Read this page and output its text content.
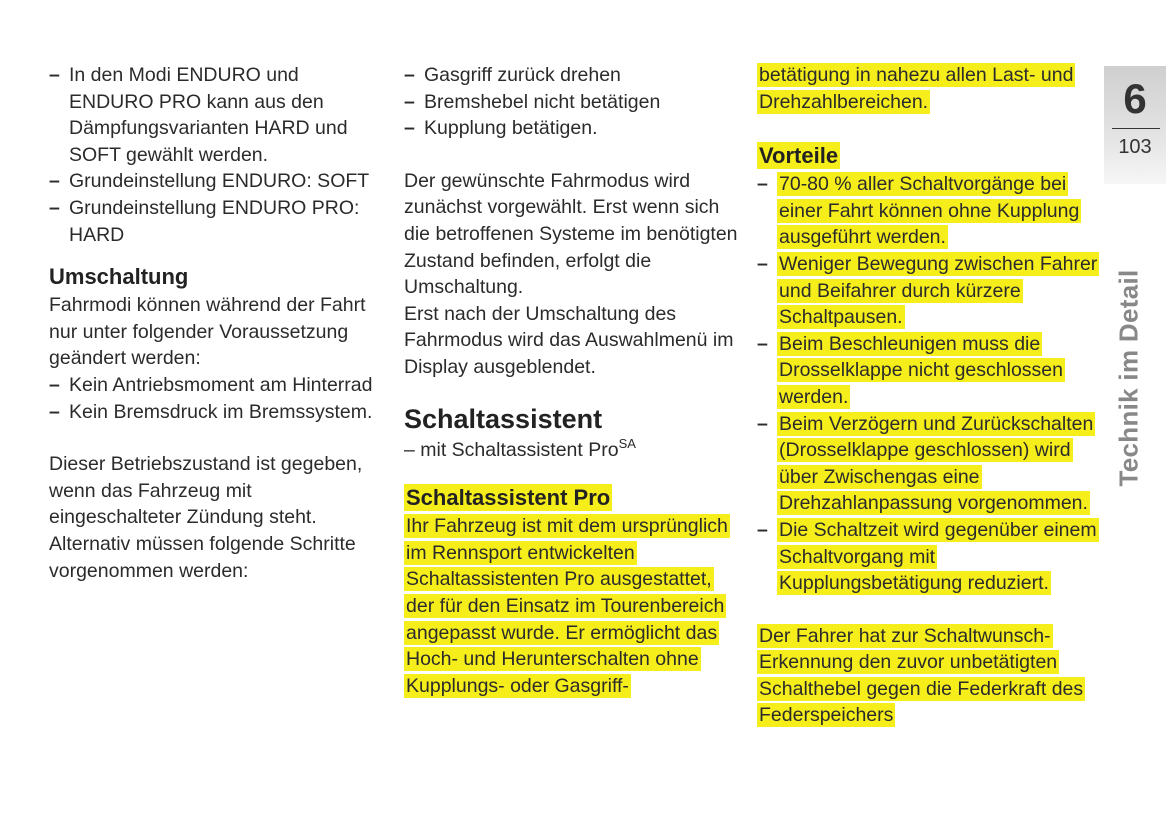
– In den Modi ENDURO und ENDURO PRO kann aus den Dämpfungsvarianten HARD und SOFT gewählt werden.
– Grundeinstellung ENDURO: SOFT
– Grundeinstellung ENDURO PRO: HARD
Umschaltung

Fahrmodi können während der Fahrt nur unter folgender Voraussetzung geändert werden:

– Kein Antriebsmoment am Hinterrad
– Kein Bremsdruck im Bremssystem.

Dieser Betriebszustand ist gegeben, wenn das Fahrzeug mit eingeschalteter Zündung steht. Alternativ müssen folgende Schritte vorgenommen werden:

– Gasgriff zurück drehen
– Bremshebel nicht betätigen
– Kupplung betätigen.

Der gewünschte Fahrmodus wird zunächst vorgewählt. Erst wenn sich die betroffenen Systeme im benötigten Zustand befinden, erfolgt die Umschaltung.

Erst nach der Umschaltung des Fahrmodus wird das Auswahlmenü im Display ausgeblendet.

Schaltassistent

– mit Schaltassistent Pro$^{SA}$

Schaltassistent Pro

Ihr Fahrzeug ist mit dem ursprünglich im Rennsport entwickelten Schaltassistenten Pro ausgestattet, der für den Einsatz im Tourenbereich angepasst wurde. Er ermöglicht das Hoch- und Herunterschalten ohne Kupplungs- oder Gasgriff-

betätigung in nahezu allen Last- und Drehzahlbereichen.

Vorteile
– 70-80 % aller Schaltvorgänge bei einer Fahrt können ohne Kupplung ausgeführt werden.
– Weniger Bewegung zwischen Fahrer und Beifahrer durch kürzere Schaltpausen.
– Beim Beschleunigen muss die Drosselklappe nicht geschlossen werden.
– Beim Verzögern und Zurückschalten (Drosselklappe geschlossen) wird über Zwischengas eine Drehzahlanpassung vorgenommen.
– Die Schaltzeit wird gegenüber einem Schaltvorgang mit Kupplungsbetätigung reduziert.

Der Fahrer hat zur Schaltwunsch-Erkennung den zuvor unbetätigten Schalthebel gegen die Federkraft des Federspeichers

6
103
Technik im Detail
